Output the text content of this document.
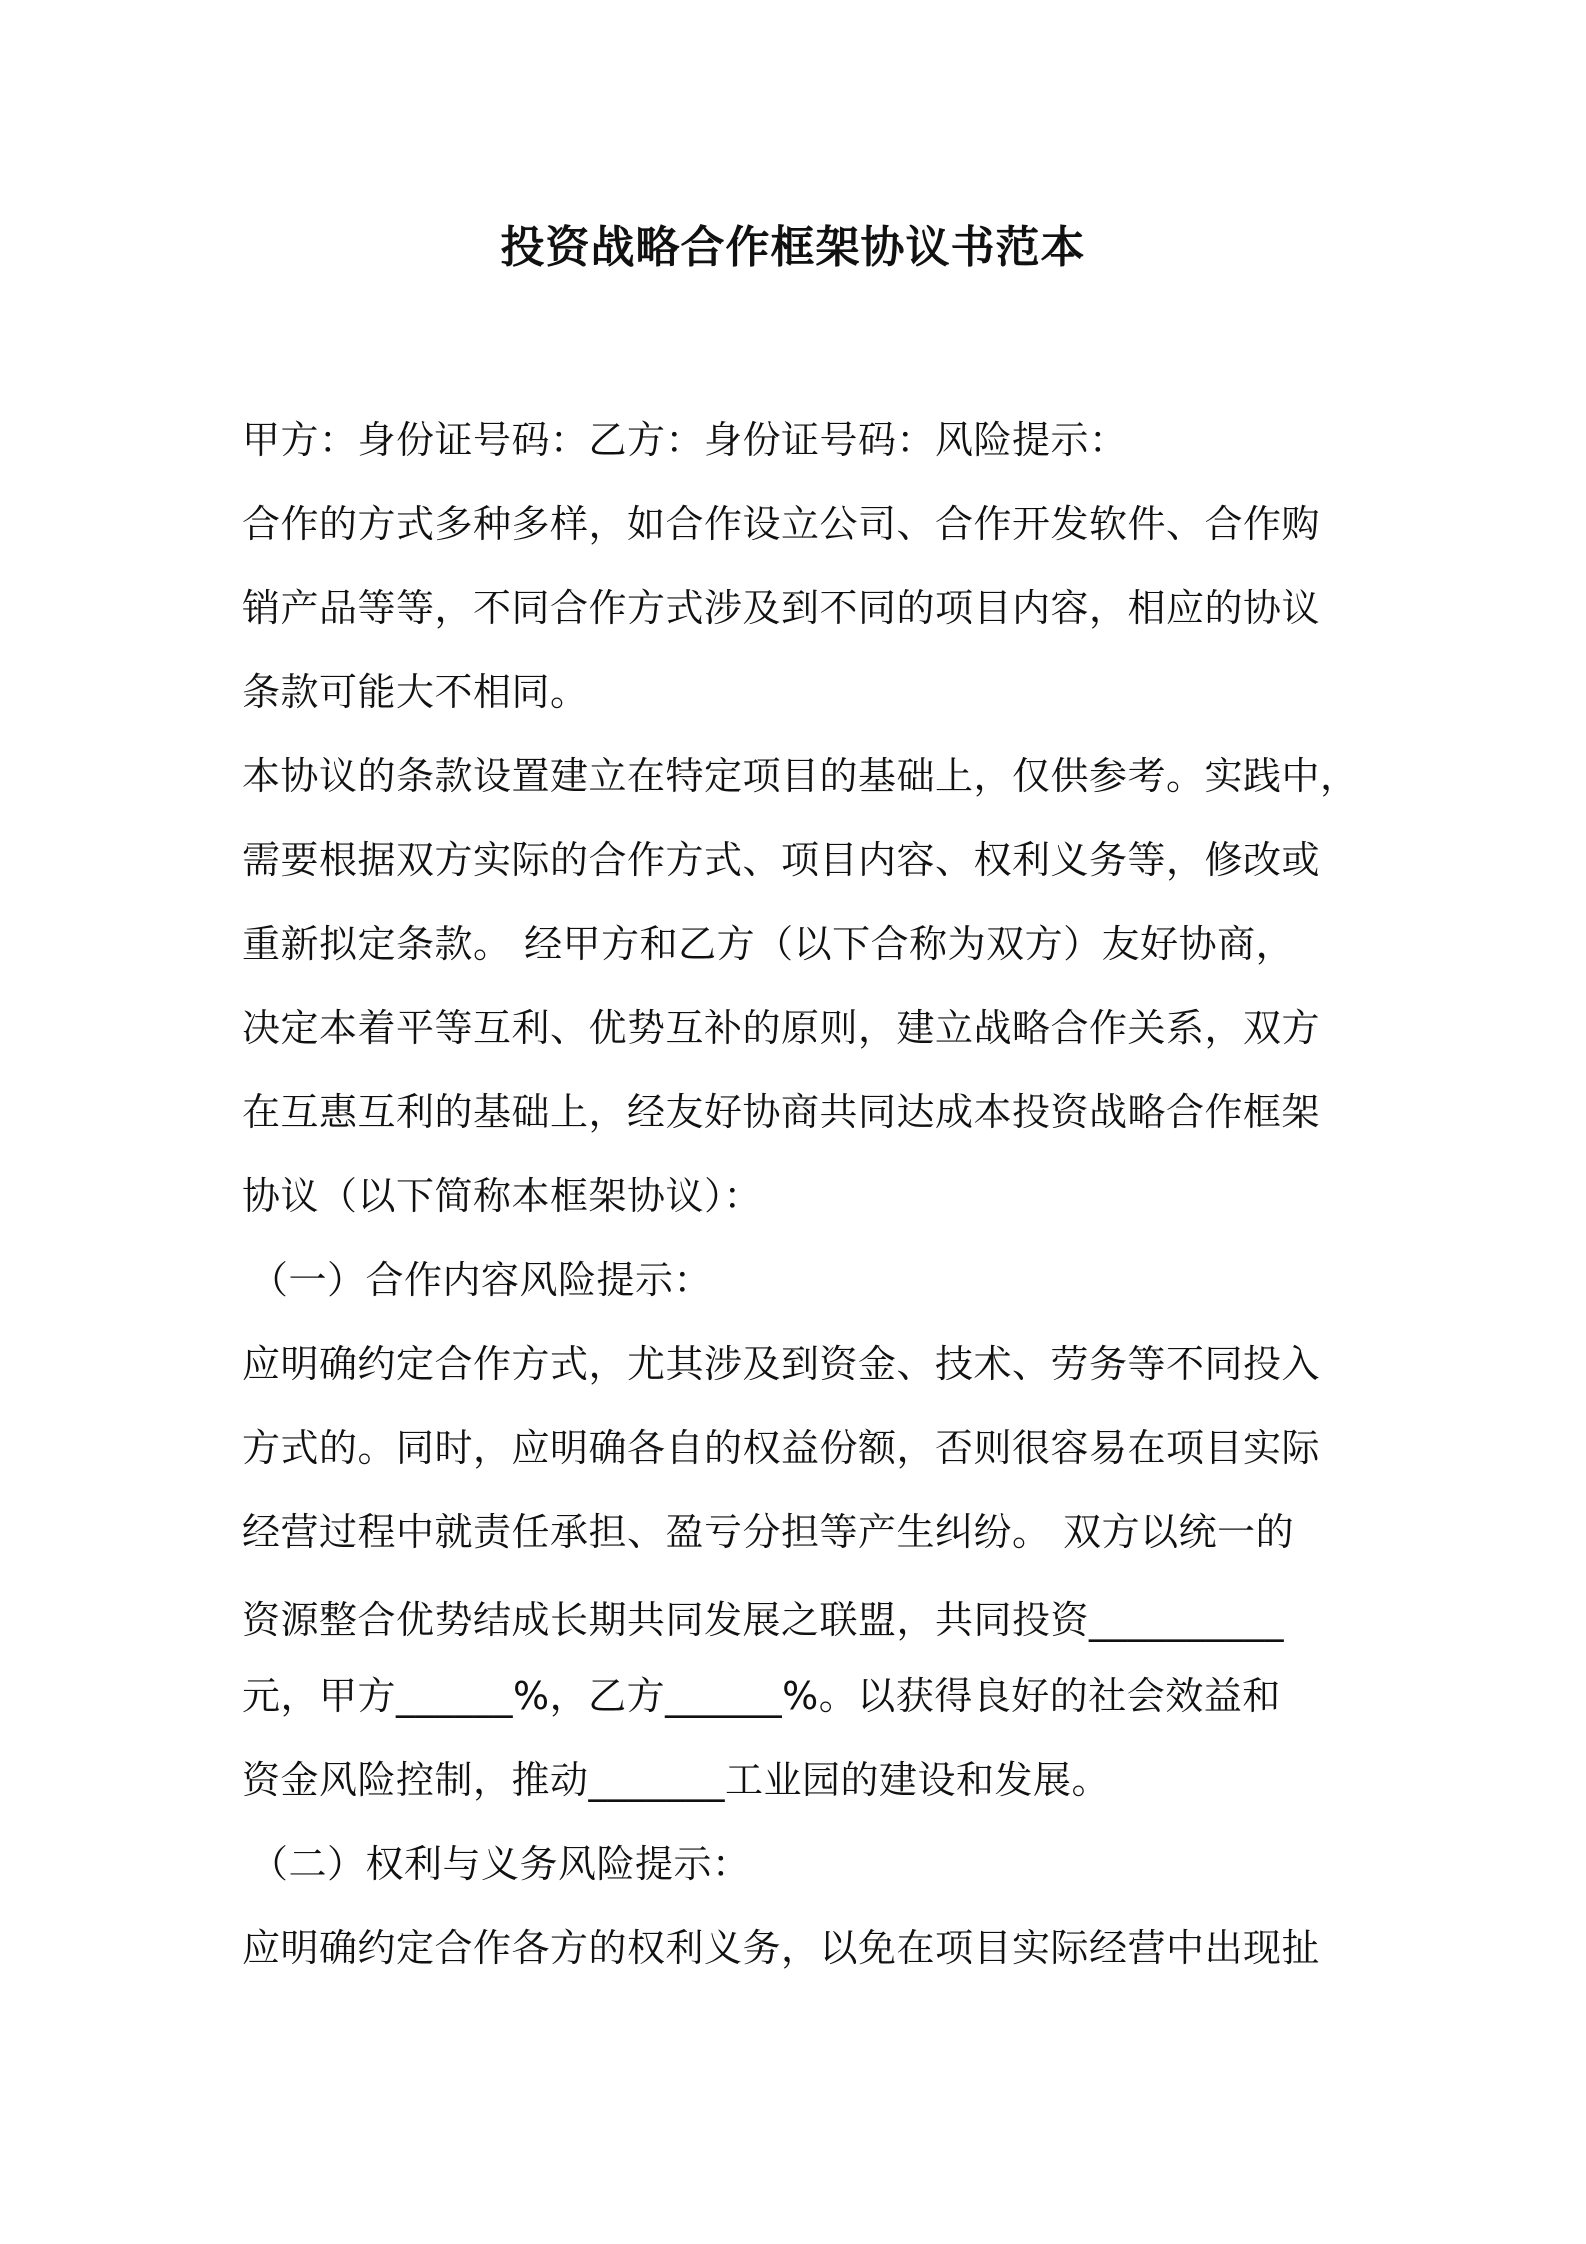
投资战略合作框架协议书范本
甲方：身份证号码：乙方：身份证号码：风险提示：
合作的方式多种多样，如合作设立公司、合作开发软件、合作购
销产品等等，不同合作方式涉及到不同的项目内容，相应的协议
条款可能大不相同。
本协议的条款设置建立在特定项目的基础上，仅供参考。实践中，
需要根据双方实际的合作方式、项目内容、权利义务等，修改或
重新拟定条款。 经甲方和乙方（以下合称为双方）友好协商，
决定本着平等互利、优势互补的原则，建立战略合作关系，双方
在互惠互利的基础上，经友好协商共同达成本投资战略合作框架
协议（以下简称本框架协议）：
（一）合作内容风险提示：
应明确约定合作方式，尤其涉及到资金、技术、劳务等不同投入
方式的。同时，应明确各自的权益份额，否则很容易在项目实际
经营过程中就责任承担、盈亏分担等产生纠纷。 双方以统一的
资源整合优势结成长期共同发展之联盟，共同投资__________
元，甲方______%，乙方______%。以获得良好的社会效益和
资金风险控制，推动_______工业园的建设和发展。
（二）权利与义务风险提示：
应明确约定合作各方的权利义务，以免在项目实际经营中出现扯
